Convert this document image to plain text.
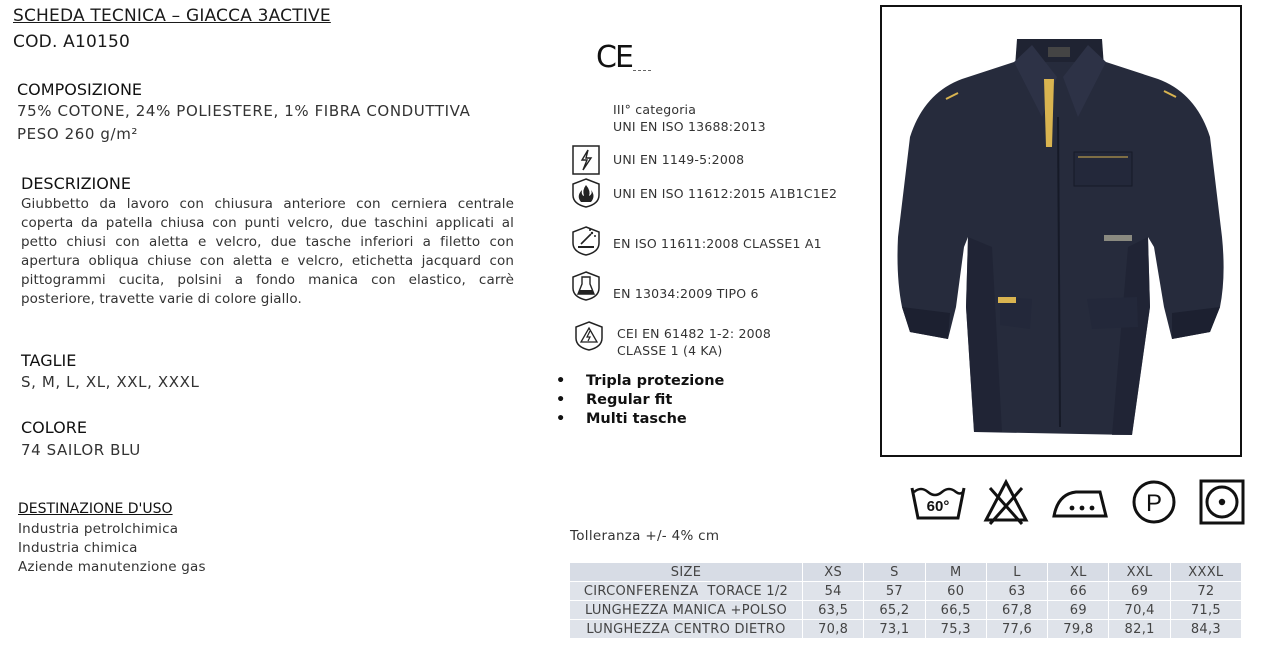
SCHEDA TECNICA – GIACCA 3ACTIVE
COD. A10150
COMPOSIZIONE
75% COTONE, 24% POLIESTERE, 1% FIBRA CONDUTTIVA
PESO 260 g/m²
DESCRIZIONE
Giubbetto da lavoro con chiusura anteriore con cerniera centrale coperta da patella chiusa con punti velcro, due taschini applicati al petto chiusi con aletta e velcro, due tasche inferiori a filetto con apertura obliqua chiuse con aletta e velcro, etichetta jacquard con pittogrammi cucita, polsini a fondo manica con elastico, carrè posteriore, travette varie di colore giallo.
TAGLIE
S, M, L, XL, XXL, XXXL
COLORE
74 SAILOR BLU
DESTINAZIONE D'USO
Industria petrolchimica
Industria chimica
Aziende manutenzione gas
CE
III° categoria
UNI EN ISO 13688:2013
UNI EN 1149-5:2008
UNI EN ISO 11612:2015 A1B1C1E2
EN ISO 11611:2008 CLASSE1 A1
EN 13034:2009 TIPO 6
CEI EN 61482 1-2: 2008
CLASSE 1 (4 KA)
• Tripla protezione
• Regular fit
• Multi tasche
60°	P
Tolleranza +/- 4% cm
SIZE	XS	S	M	L	XL	XXL	XXXL
CIRCONFERENZA  TORACE 1/2	54	57	60	63	66	69	72
LUNGHEZZA MANICA +POLSO	63,5	65,2	66,5	67,8	69	70,4	71,5
LUNGHEZZA CENTRO DIETRO	70,8	73,1	75,3	77,6	79,8	82,1	84,3
